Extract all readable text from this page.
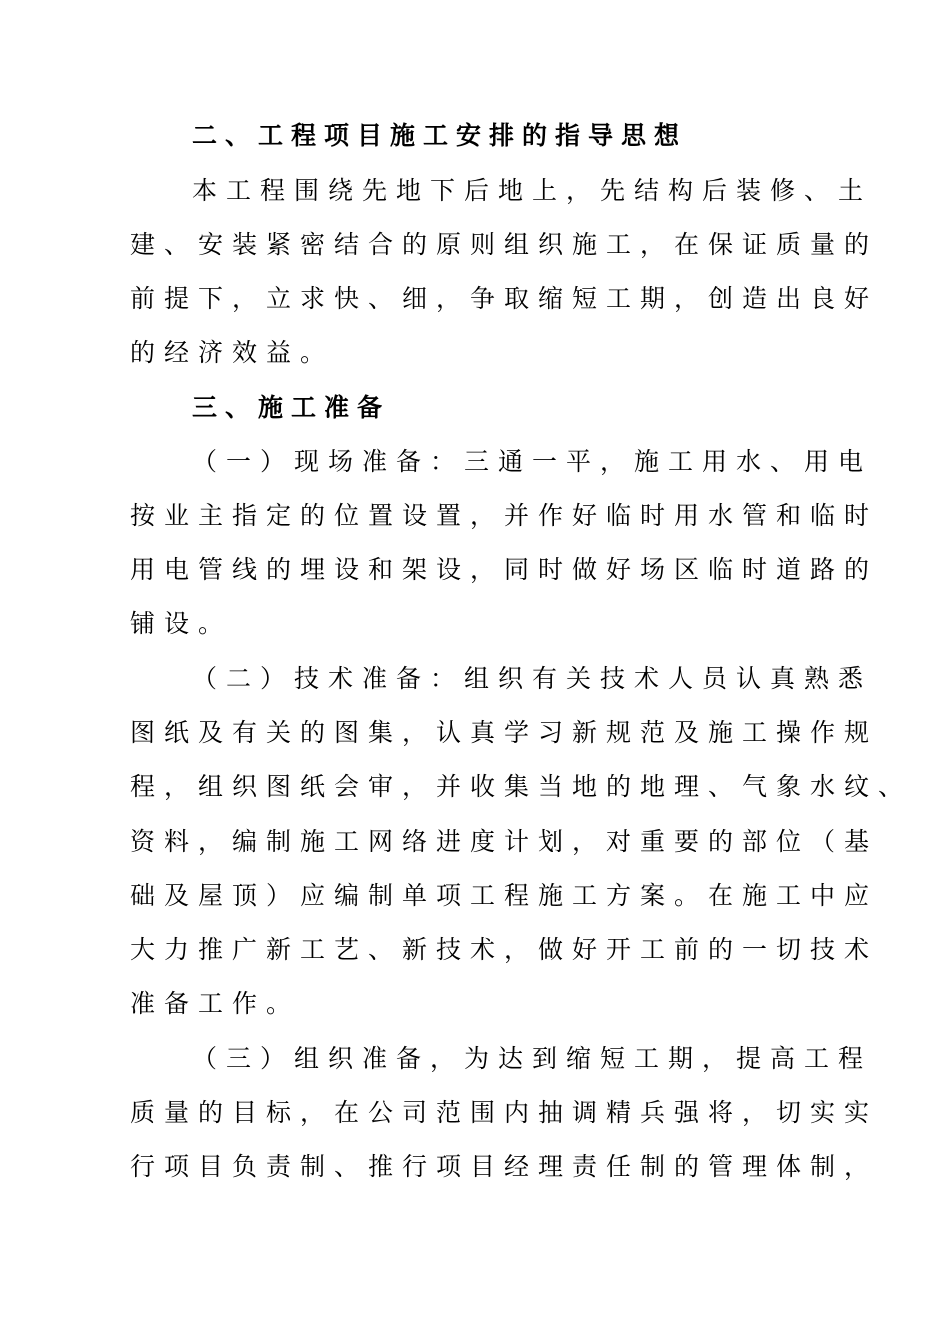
二、工程项目施工安排的指导思想
本工程围绕先地下后地上，先结构后装修、土
建、安装紧密结合的原则组织施工，在保证质量的
前提下，立求快、细，争取缩短工期，创造出良好
的经济效益。
三、施工准备
（一）现场准备：三通一平，施工用水、用电
按业主指定的位置设置，并作好临时用水管和临时
用电管线的埋设和架设，同时做好场区临时道路的
铺设。
（二）技术准备：组织有关技术人员认真熟悉
图纸及有关的图集，认真学习新规范及施工操作规
程，组织图纸会审，并收集当地的地理、气象水纹、
资料，编制施工网络进度计划，对重要的部位（基
础及屋顶）应编制单项工程施工方案。在施工中应
大力推广新工艺、新技术，做好开工前的一切技术
准备工作。
（三）组织准备，为达到缩短工期，提高工程
质量的目标，在公司范围内抽调精兵强将，切实实
行项目负责制、推行项目经理责任制的管理体制，
